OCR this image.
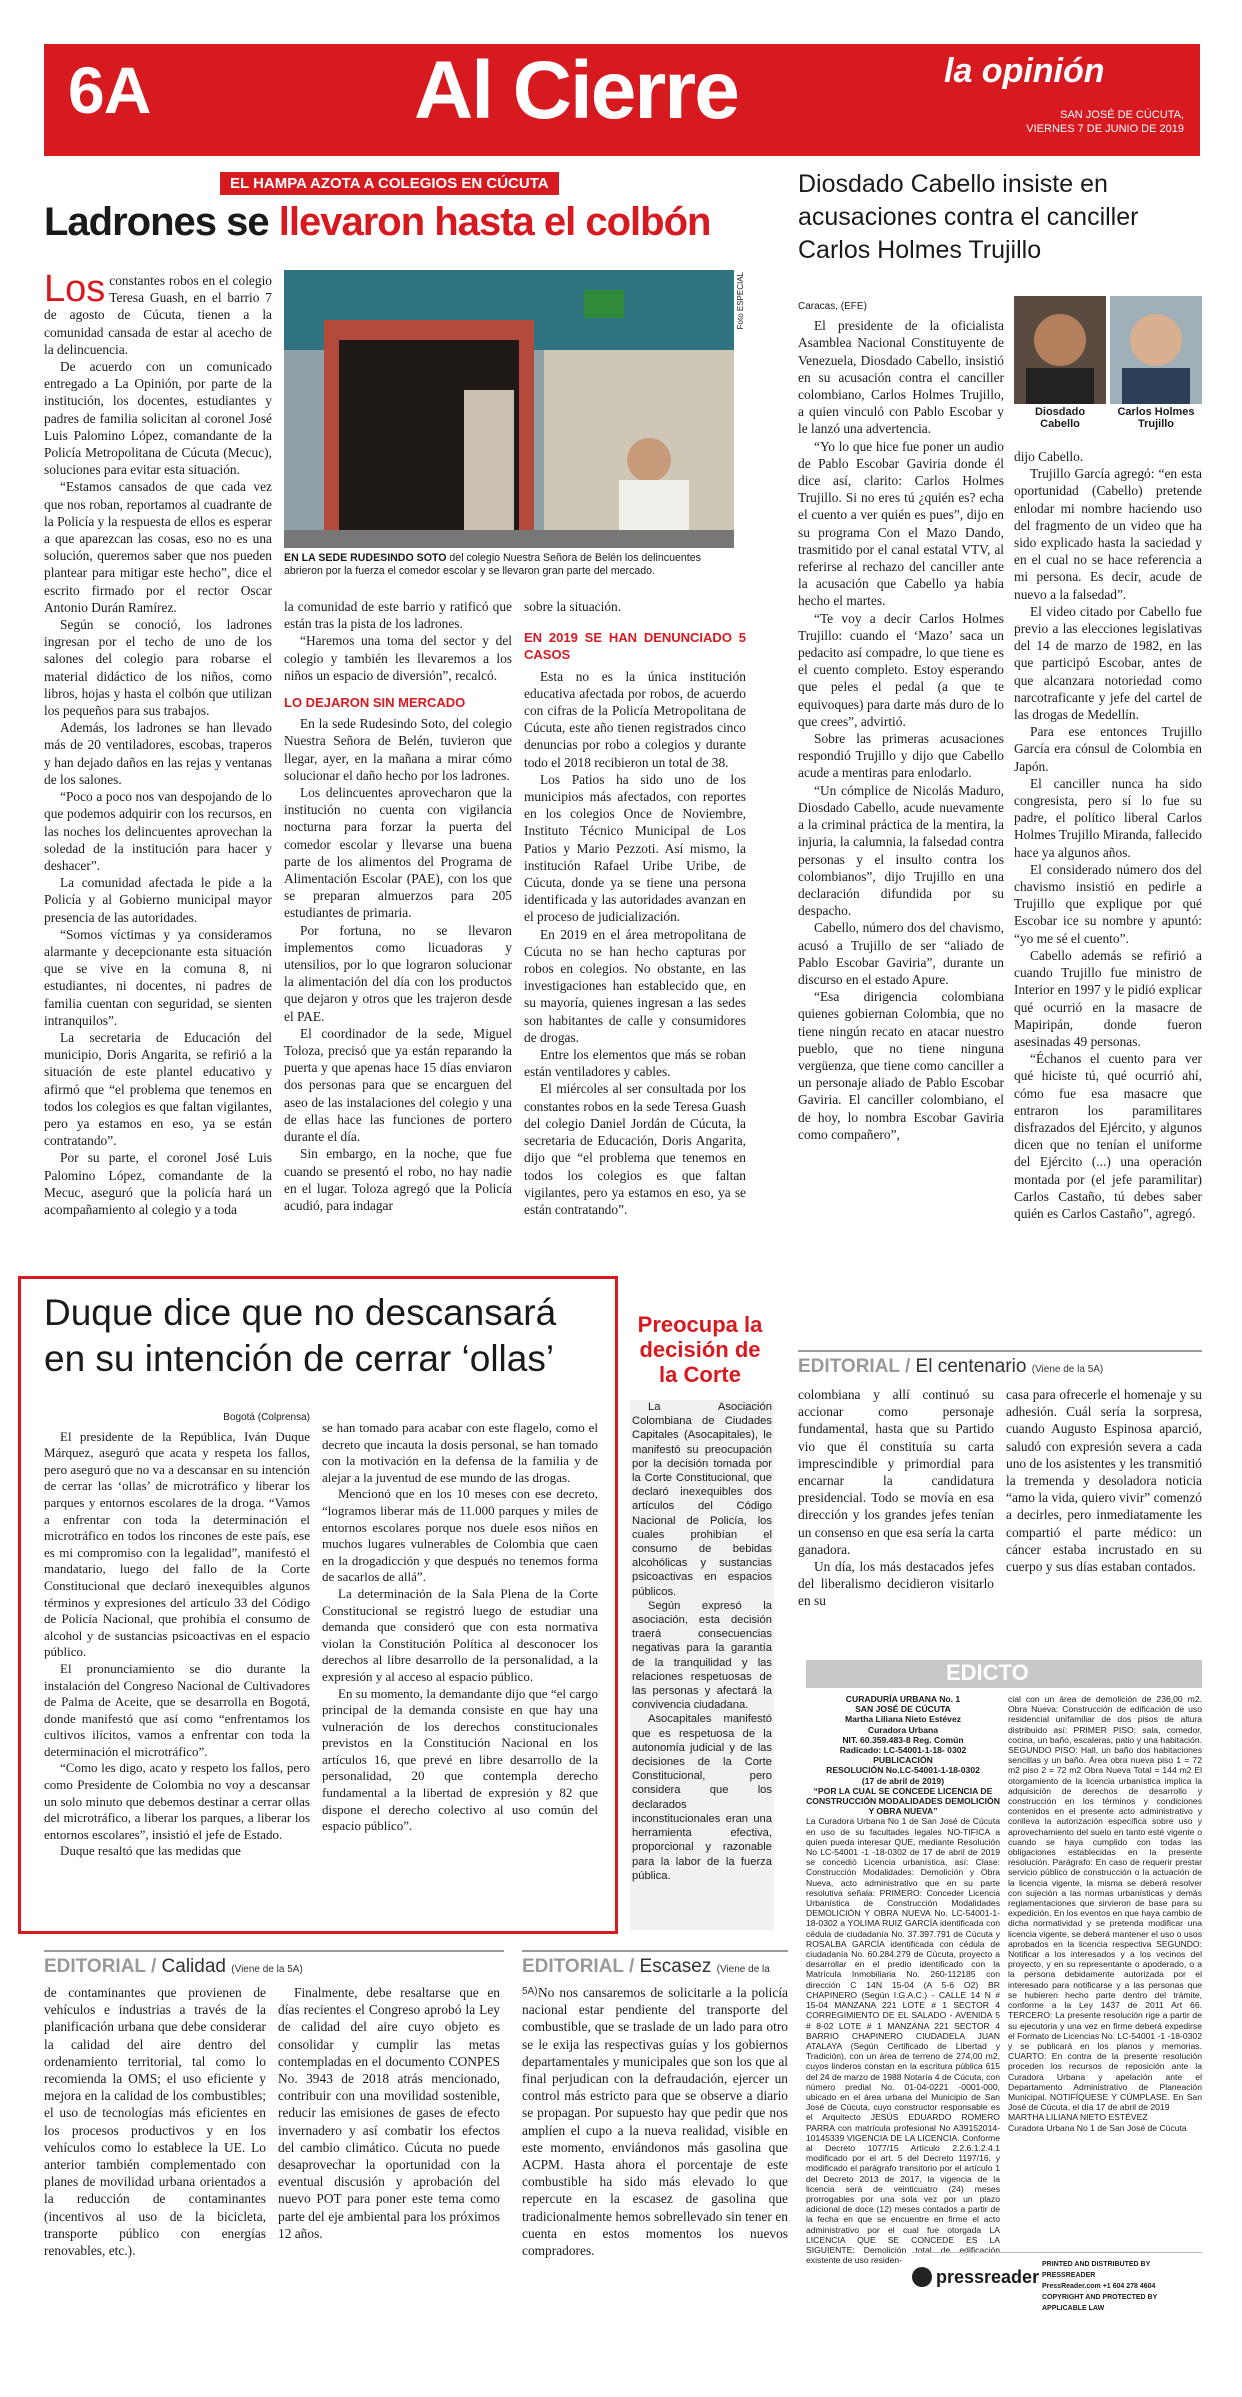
6A	Al Cierre	la opinión
SAN JOSÉ DE CÚCUTA,
VIERNES 7 DE JUNIO DE 2019
EL HAMPA AZOTA A COLEGIOS EN CÚCUTA
Ladrones se llevaron hasta el colbón

Los constantes robos en el colegio Teresa Guash, en el barrio 7 de agosto de Cúcuta, tienen a la comunidad cansada de estar al acecho de la delincuencia.

De acuerdo con un comunicado entregado a La Opinión, por parte de la institución, los docentes, estudiantes y padres de familia solicitan al coronel José Luis Palomino López, comandante de la Policía Metropolitana de Cúcuta (Mecuc), soluciones para evitar esta situación.

“Estamos cansados de que cada vez que nos roban, reportamos al cuadrante de la Policía y la respuesta de ellos es esperar a que aparezcan las cosas, eso no es una solución, queremos saber que nos pueden plantear para mitigar este hecho”, dice el escrito firmado por el rector Oscar Antonio Durán Ramírez.

Según se conoció, los ladrones ingresan por el techo de uno de los salones del colegio para robarse el material didáctico de los niños, como libros, hojas y hasta el colbón que utilizan los pequeños para sus trabajos.

Además, los ladrones se han llevado más de 20 ventiladores, escobas, traperos y han dejado daños en las rejas y ventanas de los salones.

“Poco a poco nos van despojando de lo que podemos adquirir con los recursos, en las noches los delincuentes aprovechan la soledad de la institución para hacer y deshacer”.

La comunidad afectada le pide a la Policía y al Gobierno municipal mayor presencia de las autoridades.

“Somos víctimas y ya consideramos alarmante y decepcionante esta situación que se vive en la comuna 8, ni estudiantes, ni docentes, ni padres de familia cuentan con seguridad, se sienten intranquilos”.

La secretaria de Educación del municipio, Doris Angarita, se refirió a la situación de este plantel educativo y afirmó que “el problema que tenemos en todos los colegios es que faltan vigilantes, pero ya estamos en eso, ya se están contratando”.

Por su parte, el coronel José Luis Palomino López, comandante de la Mecuc, aseguró que la policía hará un acompañamiento al colegio y a toda

Foto ESPECIAL
EN LA SEDE RUDESINDO SOTO del colegio Nuestra Señora de Belén los delincuentes abrieron por la fuerza el comedor escolar y se llevaron gran parte del mercado.

la comunidad de este barrio y ratificó que están tras la pista de los ladrones.

“Haremos una toma del sector y del colegio y también les llevaremos a los niños un espacio de diversión”, recalcó.

LO DEJARON SIN MERCADO

En la sede Rudesindo Soto, del colegio Nuestra Señora de Belén, tuvieron que llegar, ayer, en la mañana a mirar cómo solucionar el daño hecho por los ladrones.

Los delincuentes aprovecharon que la institución no cuenta con vigilancia nocturna para forzar la puerta del comedor escolar y llevarse una buena parte de los alimentos del Programa de Alimentación Escolar (PAE), con los que se preparan almuerzos para 205 estudiantes de primaria.

Por fortuna, no se llevaron implementos como licuadoras y utensilios, por lo que lograron solucionar la alimentación del día con los productos que dejaron y otros que les trajeron desde el PAE.

El coordinador de la sede, Miguel Toloza, precisó que ya están reparando la puerta y que apenas hace 15 días enviaron dos personas para que se encarguen del aseo de las instalaciones del colegio y una de ellas hace las funciones de portero durante el día.

Sin embargo, en la noche, que fue cuando se presentó el robo, no hay nadie en el lugar. Toloza agregó que la Policía acudió, para indagar

sobre la situación.

EN 2019 SE HAN DENUNCIADO 5 CASOS

Esta no es la única institución educativa afectada por robos, de acuerdo con cifras de la Policía Metropolitana de Cúcuta, este año tienen registrados cinco denuncias por robo a colegios y durante todo el 2018 recibieron un total de 38.

Los Patios ha sido uno de los municipios más afectados, con reportes en los colegios Once de Noviembre, Instituto Técnico Municipal de Los Patios y Mario Pezzoti. Así mismo, la institución Rafael Uribe Uribe, de Cúcuta, donde ya se tiene una persona identificada y las autoridades avanzan en el proceso de judicialización.

En 2019 en el área metropolitana de Cúcuta no se han hecho capturas por robos en colegios. No obstante, en las investigaciones han establecido que, en su mayoría, quienes ingresan a las sedes son habitantes de calle y consumidores de drogas.

Entre los elementos que más se roban están ventiladores y cables.

El miércoles al ser consultada por los constantes robos en la sede Teresa Guash del colegio Daniel Jordán de Cúcuta, la secretaria de Educación, Doris Angarita, dijo que “el problema que tenemos en todos los colegios es que faltan vigilantes, pero ya estamos en eso, ya se están contratando”.

Diosdado Cabello insiste en acusaciones contra el canciller Carlos Holmes Trujillo
Diosdado Cabello
Carlos Holmes Trujillo
Caracas, (EFE)

El presidente de la oficialista Asamblea Nacional Constituyente de Venezuela, Diosdado Cabello, insistió en su acusación contra el canciller colombiano, Carlos Holmes Trujillo, a quien vinculó con Pablo Escobar y le lanzó una advertencia.

“Yo lo que hice fue poner un audio de Pablo Escobar Gaviria donde él dice así, clarito: Carlos Holmes Trujillo. Si no eres tú ¿quién es? echa el cuento a ver quién es pues”, dijo en su programa Con el Mazo Dando, trasmitido por el canal estatal VTV, al referirse al rechazo del canciller ante la acusación que Cabello ya había hecho el martes.

“Te voy a decir Carlos Holmes Trujillo: cuando el ‘Mazo’ saca un pedacito así compadre, lo que tiene es el cuento completo. Estoy esperando que peles el pedal (a que te equivoques) para darte más duro de lo que crees”, advirtió.

Sobre las primeras acusaciones respondió Trujillo y dijo que Cabello acude a mentiras para enlodarlo.

“Un cómplice de Nicolás Maduro, Diosdado Cabello, acude nuevamente a la criminal práctica de la mentira, la injuria, la calumnia, la falsedad contra personas y el insulto contra los colombianos”, dijo Trujillo en una declaración difundida por su despacho.

Cabello, número dos del chavismo, acusó a Trujillo de ser “aliado de Pablo Escobar Gaviria”, durante un discurso en el estado Apure.

“Esa dirigencia colombiana quienes gobiernan Colombia, que no tiene ningún recato en atacar nuestro pueblo, que no tiene ninguna vergüenza, que tiene como canciller a un personaje aliado de Pablo Escobar Gaviria. El canciller colombiano, el de hoy, lo nombra Escobar Gaviria como compañero”,

dijo Cabello.

Trujillo García agregó: “en esta oportunidad (Cabello) pretende enlodar mi nombre haciendo uso del fragmento de un video que ha sido explicado hasta la saciedad y en el cual no se hace referencia a mi persona. Es decir, acude de nuevo a la falsedad”.

El video citado por Cabello fue previo a las elecciones legislativas del 14 de marzo de 1982, en las que participó Escobar, antes de que alcanzara notoriedad como narcotraficante y jefe del cartel de las drogas de Medellín.

Para ese entonces Trujillo García era cónsul de Colombia en Japón.

El canciller nunca ha sido congresista, pero sí lo fue su padre, el político liberal Carlos Holmes Trujillo Miranda, fallecido hace ya algunos años.

El considerado número dos del chavismo insistió en pedirle a Trujillo que explique por qué Escobar ice su nombre y apuntó: “yo me sé el cuento”.

Cabello además se refirió a cuando Trujillo fue ministro de Interior en 1997 y le pidió explicar qué ocurrió en la masacre de Mapiripán, donde fueron asesinadas 49 personas.

“Échanos el cuento para ver qué hiciste tú, qué ocurrió ahí, cómo fue esa masacre que entraron los paramilitares disfrazados del Ejército, y algunos dicen que no tenían el uniforme del Ejército (...) una operación montada por (el jefe paramilitar) Carlos Castaño, tú debes saber quién es Carlos Castaño”, agregó.

Duque dice que no descansará en su intención de cerrar ‘ollas’
Bogotá (Colprensa)

El presidente de la República, Iván Duque Márquez, aseguró que acata y respeta los fallos, pero aseguró que no va a descansar en su intención de cerrar las ‘ollas’ de microtráfico y liberar los parques y entornos escolares de la droga. “Vamos a enfrentar con toda la determinación el microtráfico en todos los rincones de este país, ese es mi compromiso con la legalidad”, manifestó el mandatario, luego del fallo de la Corte Constitucional que declaró inexequibles algunos términos y expresiones del artículo 33 del Código de Policía Nacional, que prohibía el consumo de alcohol y de sustancias psicoactivas en el espacio público.

El pronunciamiento se dio durante la instalación del Congreso Nacional de Cultivadores de Palma de Aceite, que se desarrolla en Bogotá, donde manifestó que así como “enfrentamos los cultivos ilícitos, vamos a enfrentar con toda la determinación el microtráfico”.

“Como les digo, acato y respeto los fallos, pero como Presidente de Colombia no voy a descansar un solo minuto que debemos destinar a cerrar ollas del microtráfico, a liberar los parques, a liberar los entornos escolares”, insistió el jefe de Estado.

Duque resaltó que las medidas que

se han tomado para acabar con este flagelo, como el decreto que incauta la dosis personal, se han tomado con la motivación en la defensa de la familia y de alejar a la juventud de ese mundo de las drogas.

Mencionó que en los 10 meses con ese decreto, “logramos liberar más de 11.000 parques y miles de entornos escolares porque nos duele esos niños en muchos lugares vulnerables de Colombia que caen en la drogadicción y que después no tenemos forma de sacarlos de allá”.

La determinación de la Sala Plena de la Corte Constitucional se registró luego de estudiar una demanda que consideró que con esta normativa violan la Constitución Política al desconocer los derechos al libre desarrollo de la personalidad, a la expresión y al acceso al espacio público.

En su momento, la demandante dijo que “el cargo principal de la demanda consiste en que hay una vulneración de los derechos constitucionales previstos en la Constitución Nacional en los artículos 16, que prevé en libre desarrollo de la personalidad, 20 que contempla derecho fundamental a la libertad de expresión y 82 que dispone el derecho colectivo al uso común del espacio público”.

Preocupa la decisión de la Corte

La Asociación Colombiana de Ciudades Capitales (Asocapitales), le manifestó su preocupación por la decisión tomada por la Corte Constitucional, que declaró inexequibles dos artículos del Código Nacional de Policía, los cuales prohibían el consumo de bebidas alcohólicas y sustancias psicoactivas en espacios públicos.

Según expresó la asociación, esta decisión traerá consecuencias negativas para la garantía de la tranquilidad y las relaciones respetuosas de las personas y afectará la convivencia ciudadana.

Asocapitales manifestó que es respetuosa de la autonomía judicial y de las decisiones de la Corte Constitucional, pero considera que los declarados inconstitucionales eran una herramienta efectiva, proporcional y razonable para la labor de la fuerza pública.

EDITORIAL / El centenario (Viene de la 5A)

colombiana y allí continuó su accionar como personaje fundamental, hasta que su Partido vio que él constituía su carta imprescindible y primordial para encarnar la candidatura presidencial. Todo se movía en esa dirección y los grandes jefes tenían un consenso en que esa sería la carta ganadora.

Un día, los más destacados jefes del liberalismo decidieron visitarlo en su

casa para ofrecerle el homenaje y su adhesión. Cuál sería la sorpresa, cuando Augusto Espinosa aparció, saludó con expresión severa a cada uno de los asistentes y les transmitió la tremenda y desoladora noticia “amo la vida, quiero vivir” comenzó a decirles, pero inmediatamente les compartió el parte médico: un cáncer estaba incrustado en su cuerpo y sus días estaban contados.

EDICTO
CURADURÍA URBANA No. 1
SAN JOSÉ DE CÚCUTA
Martha Liliana Nieto Estévez
Curadora Urbana
NIT. 60.359.483-8 Reg. Común
Radicado: LC-54001-1-18- 0302
PUBLICACIÓN
RESOLUCIÓN No.LC-54001-1-18-0302
(17 de abril de 2019)
“POR LA CUAL SE CONCEDE LICENCIA DE CONSTRUCCIÓN MODALIDADES DEMOLICIÓN Y OBRA NUEVA”

La Curadora Urbana No 1 de San José de Cúcuta en uso de su facultades legales NO-TIFICA a quien pueda interesar QUE, mediante Resolución No LC-54001 -1 -18-0302 de 17 de abril de 2019 se concedió Licencia urbanística, así: Clase: Construcción Modalidades: Demolición y Obra Nueva, acto administrativo que en su parte resolutiva señala: PRIMERO: Conceder Licencia Urbanística de Construcción Modalidades DEMOLICIÓN Y OBRA NUEVA No. LC-54001-1- 18-0302 a YOLIMA RUIZ GARCÍA identificada con cédula de ciudadanía No. 37.397.791 de Cúcuta y ROSALBA GARCÍA identificada con cédula de ciudadanía No. 60.284.279 de Cúcuta, proyecto a desarrollar en el predio identificado con la Matrícula Inmobiliaria No. 260-112185 con dirección C 14N 15-04 (A 5-6 O2) BR CHAPINERO (Según I.G.A.C.) - CALLE 14 N # 15-04 MANZANA 221 LOTE # 1 SECTOR 4 CORREGIMIENTO DE EL SALADO - AVENIDA 5 # 8-02 LOTE # 1 MANZANA 221 SECTOR 4 BARRIO CHAPINERO CIUDADELA JUAN ATALAYA (Según Certificado de Libertad y Tradición), con un área de terreno de 274,00 m2, cuyos linderos constan en la escritura pública 615 del 24 de marzo de 1988 Notaría 4 de Cúcuta, con número predial No. 01-04-0221 -0001-000, ubicado en el área urbana del Municipio de San José de Cúcuta, cuyo constructor responsable es el Arquitecto JESÚS EDUARDO ROMERO PARRA con matrícula profesional No A39152014-10145339 VIGENCIA DE LA LICENCIA. Conforme al Decreto 1077/15 Artículo 2.2.6.1.2.4.1 modificado por el art. 5 del Decreto 1197/16, y modificado el parágrafo transitorio por el artículo 1 del Decreto 2013 de 2017, la vigencia de la licencia será de veinticuatro (24) meses prorrogables por una sola vez por un plazo adicional de doce (12) meses contados a partir de la fecha en que se encuentre en firme el acto administrativo por el cual fue otorgada LA LICENCIA QUE SE CONCEDE ES LA SIGUIENTE: Demolición total de edificación existente de uso residen-

cial con un área de demolición de 236,00 m2. Obra Nueva: Construcción de edificación de uso residencial unifamiliar de dos pisos de altura distribuido así: PRIMER PISO: sala, comedor, cocina, un baño, escaleras, patio y una habitación. SEGUNDO PISO: Hall, un baño dos habitaciones sencillas y un baño. Área obra nueva piso 1 = 72 m2 piso 2 = 72 m2 Obra Nueva Total = 144 m2 El otorgamiento de la licencia urbanística implica la adquisición de derechos de desarrollo y construcción en los términos y condiciones contenidos en el presente acto administrativo y conlleva la autorización específica sobre uso y aprovechamiento del suelo en tanto esté vigente o cuando se haya cumplido con todas las obligaciones establecidas en la presente resolución. Parágrafo: En caso de requerir prestar servicio público de construcción o la actuación de la licencia vigente, la misma se deberá resolver con sujeción a las normas urbanísticas y demás reglamentaciones que sirvieron de base para su expedición. En los eventos en que haya cambio de dicha normatividad y se pretenda modificar una licencia vigente, se deberá mantener el uso o usos aprobados en la licencia respectiva SEGUNDO: Notificar a los interesados y a los vecinos del proyecto, y en su representante o apoderado, o a la persona debidamente autorizada por el interesado para notificarse y a las personas que se hubieren hecho parte dentro del trámite, conforme a la Ley 1437 de 2011 Art 66. TERCERO: La presente resolución rige a partir de su ejecutoria y una vez en firme deberá expedirse el Formato de Licencias No. LC-54001 -1 -18-0302 y se publicará en los planos y memorias. CUARTO: En contra de la presente resolución proceden los recursos de reposición ante la Curadora Urbana y apelación ante el Departamento Administrativo de Planeación Municipal. NOTIFÍQUESE Y CÚMPLASE. En San José de Cúcuta, el día 17 de abril de 2019

MARTHA LILIANA NIETO ESTÉVEZ

Curadora Urbana No 1 de San José de Cúcuta

EDITORIAL / Calidad (Viene de la 5A)

de contaminantes que provienen de vehículos e industrias a través de la planificación urbana que debe considerar la calidad del aire dentro del ordenamiento territorial, tal como lo recomienda la OMS; el uso eficiente y mejora en la calidad de los combustibles; el uso de tecnologías más eficientes en los procesos productivos y en los vehículos como lo establece la UE. Lo anterior también complementado con planes de movilidad urbana orientados a la reducción de contaminantes (incentivos al uso de la bicicleta, transporte público con energías renovables, etc.).

Finalmente, debe resaltarse que en días recientes el Congreso aprobó la Ley de calidad del aire cuyo objeto es consolidar y cumplir las metas contempladas en el documento CONPES No. 3943 de 2018 atrás mencionado, contribuir con una movilidad sostenible, reducir las emisiones de gases de efecto invernadero y así combatir los efectos del cambio climático. Cúcuta no puede desaprovechar la oportunidad con la eventual discusión y aprobación del nuevo POT para poner este tema como parte del eje ambiental para los próximos 12 años.

EDITORIAL / Escasez (Viene de la 5A) No nos cansaremos de solicitarle a la policía nacional estar pendiente del transporte del combustible, que se traslade de un lado para otro se le exija las respectivas guías y los gobiernos departamentales y municipales que son los que al final perjudican con la defraudación, ejercer un control más estricto para que se observe a diario se propagan. Por supuesto hay que pedir que nos amplíen el cupo a la nueva realidad, visible en este momento, enviándonos más gasolina que ACPM. Hasta ahora el porcentaje de este combustible ha sido más elevado lo que repercute en la escasez de gasolina que tradicionalmente hemos sobrellevado sin tener en cuenta en estos momentos los nuevos compradores.

pressreader
PRINTED AND DISTRIBUTED BY PRESSREADER
PressReader.com +1 604 278 4604
COPYRIGHT AND PROTECTED BY APPLICABLE LAW
